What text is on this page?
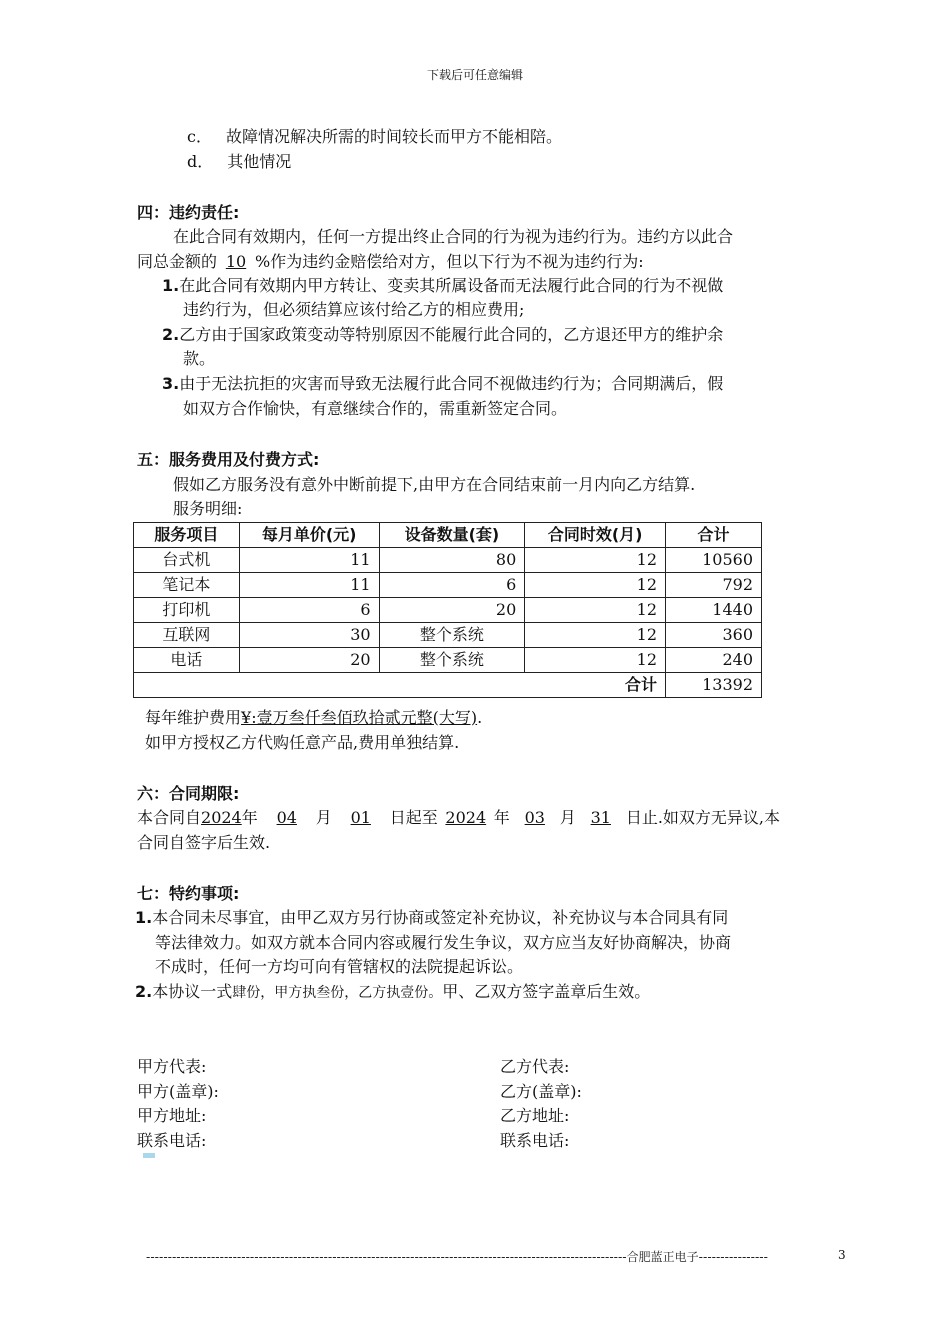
下载后可任意编辑
c． 故障情况解决所需的时间较长而甲方不能相陪。
d． 其他情况
四：违约责任:
在此合同有效期内，任何一方提出终止合同的行为视为违约行为。违约方以此合
同总金额的 10 %作为违约金赔偿给对方，但以下行为不视为违约行为:
1.在此合同有效期内甲方转让、变卖其所属设备而无法履行此合同的行为不视做
违约行为，但必须结算应该付给乙方的相应费用;
2.乙方由于国家政策变动等特别原因不能履行此合同的，乙方退还甲方的维护余
款。
3.由于无法抗拒的灾害而导致无法履行此合同不视做违约行为；合同期满后，假
如双方合作愉快，有意继续合作的，需重新签定合同。
五：服务费用及付费方式:
假如乙方服务没有意外中断前提下,由甲方在合同结束前一月内向乙方结算.
服务明细:
服务项目	每月单价(元)	设备数量(套)	合同时效(月)	合计
台式机	11	80	12	10560
笔记本	11	6	12	792
打印机	6	20	12	1440
互联网	30	整个系统	12	360
电话	20	整个系统	12	240
合计				13392
每年维护费用¥:壹万叁仟叁佰玖拾贰元整(大写).
如甲方授权乙方代购任意产品,费用单独结算.
六：合同期限:
本合同自2024年 04 月 01 日起至 2024 年 03 月 31 日止.如双方无异议,本
合同自签字后生效.
七：特约事项:
1.本合同未尽事宜，由甲乙双方另行协商或签定补充协议，补充协议与本合同具有同
等法律效力。如双方就本合同内容或履行发生争议，双方应当友好协商解决，协商
不成时，任何一方均可向有管辖权的法院提起诉讼。
2.本协议一式肆份，甲方执叁份，乙方执壹份。甲、乙双方签字盖章后生效。
甲方代表:
甲方(盖章):
甲方地址:
联系电话:
乙方代表:
乙方(盖章):
乙方地址:
联系电话:
---------------------------------------------------------------------------------------------------------------合肥蓝正电子----------------	3
